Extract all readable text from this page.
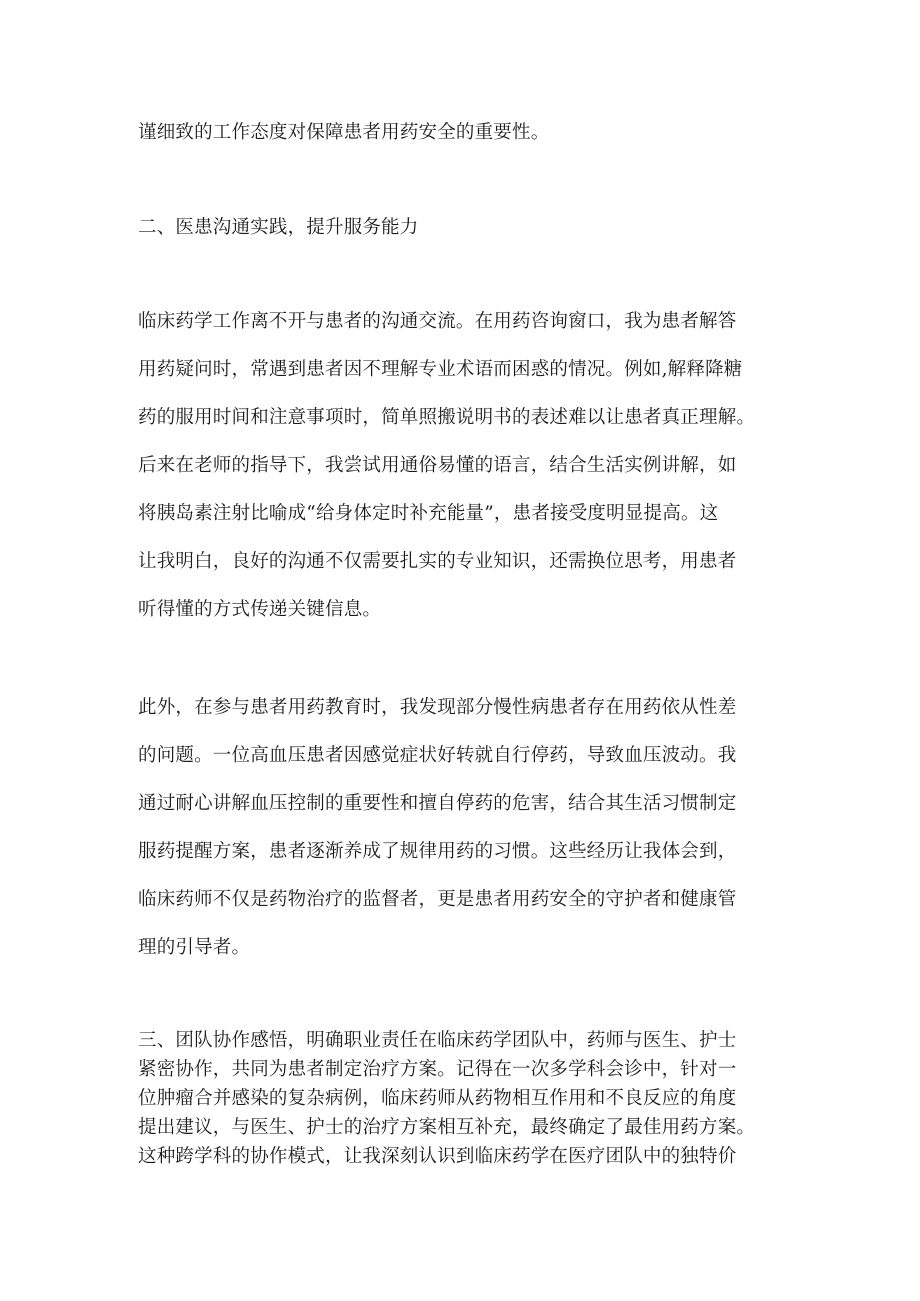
谨细致的工作态度对保障患者用药安全的重要性。
二、医患沟通实践，提升服务能力
临床药学工作离不开与患者的沟通交流。在用药咨询窗口，我为患者解答
用药疑问时，常遇到患者因不理解专业术语而困惑的情况。例如,解释降糖
药的服用时间和注意事项时，简单照搬说明书的表述难以让患者真正理解。
后来在老师的指导下，我尝试用通俗易懂的语言，结合生活实例讲解，如
将胰岛素注射比喻成“给身体定时补充能量”，患者接受度明显提高。这
让我明白，良好的沟通不仅需要扎实的专业知识，还需换位思考，用患者
听得懂的方式传递关键信息。
此外，在参与患者用药教育时，我发现部分慢性病患者存在用药依从性差
的问题。一位高血压患者因感觉症状好转就自行停药，导致血压波动。我
通过耐心讲解血压控制的重要性和擅自停药的危害，结合其生活习惯制定
服药提醒方案，患者逐渐养成了规律用药的习惯。这些经历让我体会到，
临床药师不仅是药物治疗的监督者，更是患者用药安全的守护者和健康管
理的引导者。
三、团队协作感悟，明确职业责任在临床药学团队中，药师与医生、护士
紧密协作，共同为患者制定治疗方案。记得在一次多学科会诊中，针对一
位肿瘤合并感染的复杂病例，临床药师从药物相互作用和不良反应的角度
提出建议，与医生、护士的治疗方案相互补充，最终确定了最佳用药方案。
这种跨学科的协作模式，让我深刻认识到临床药学在医疗团队中的独特价
